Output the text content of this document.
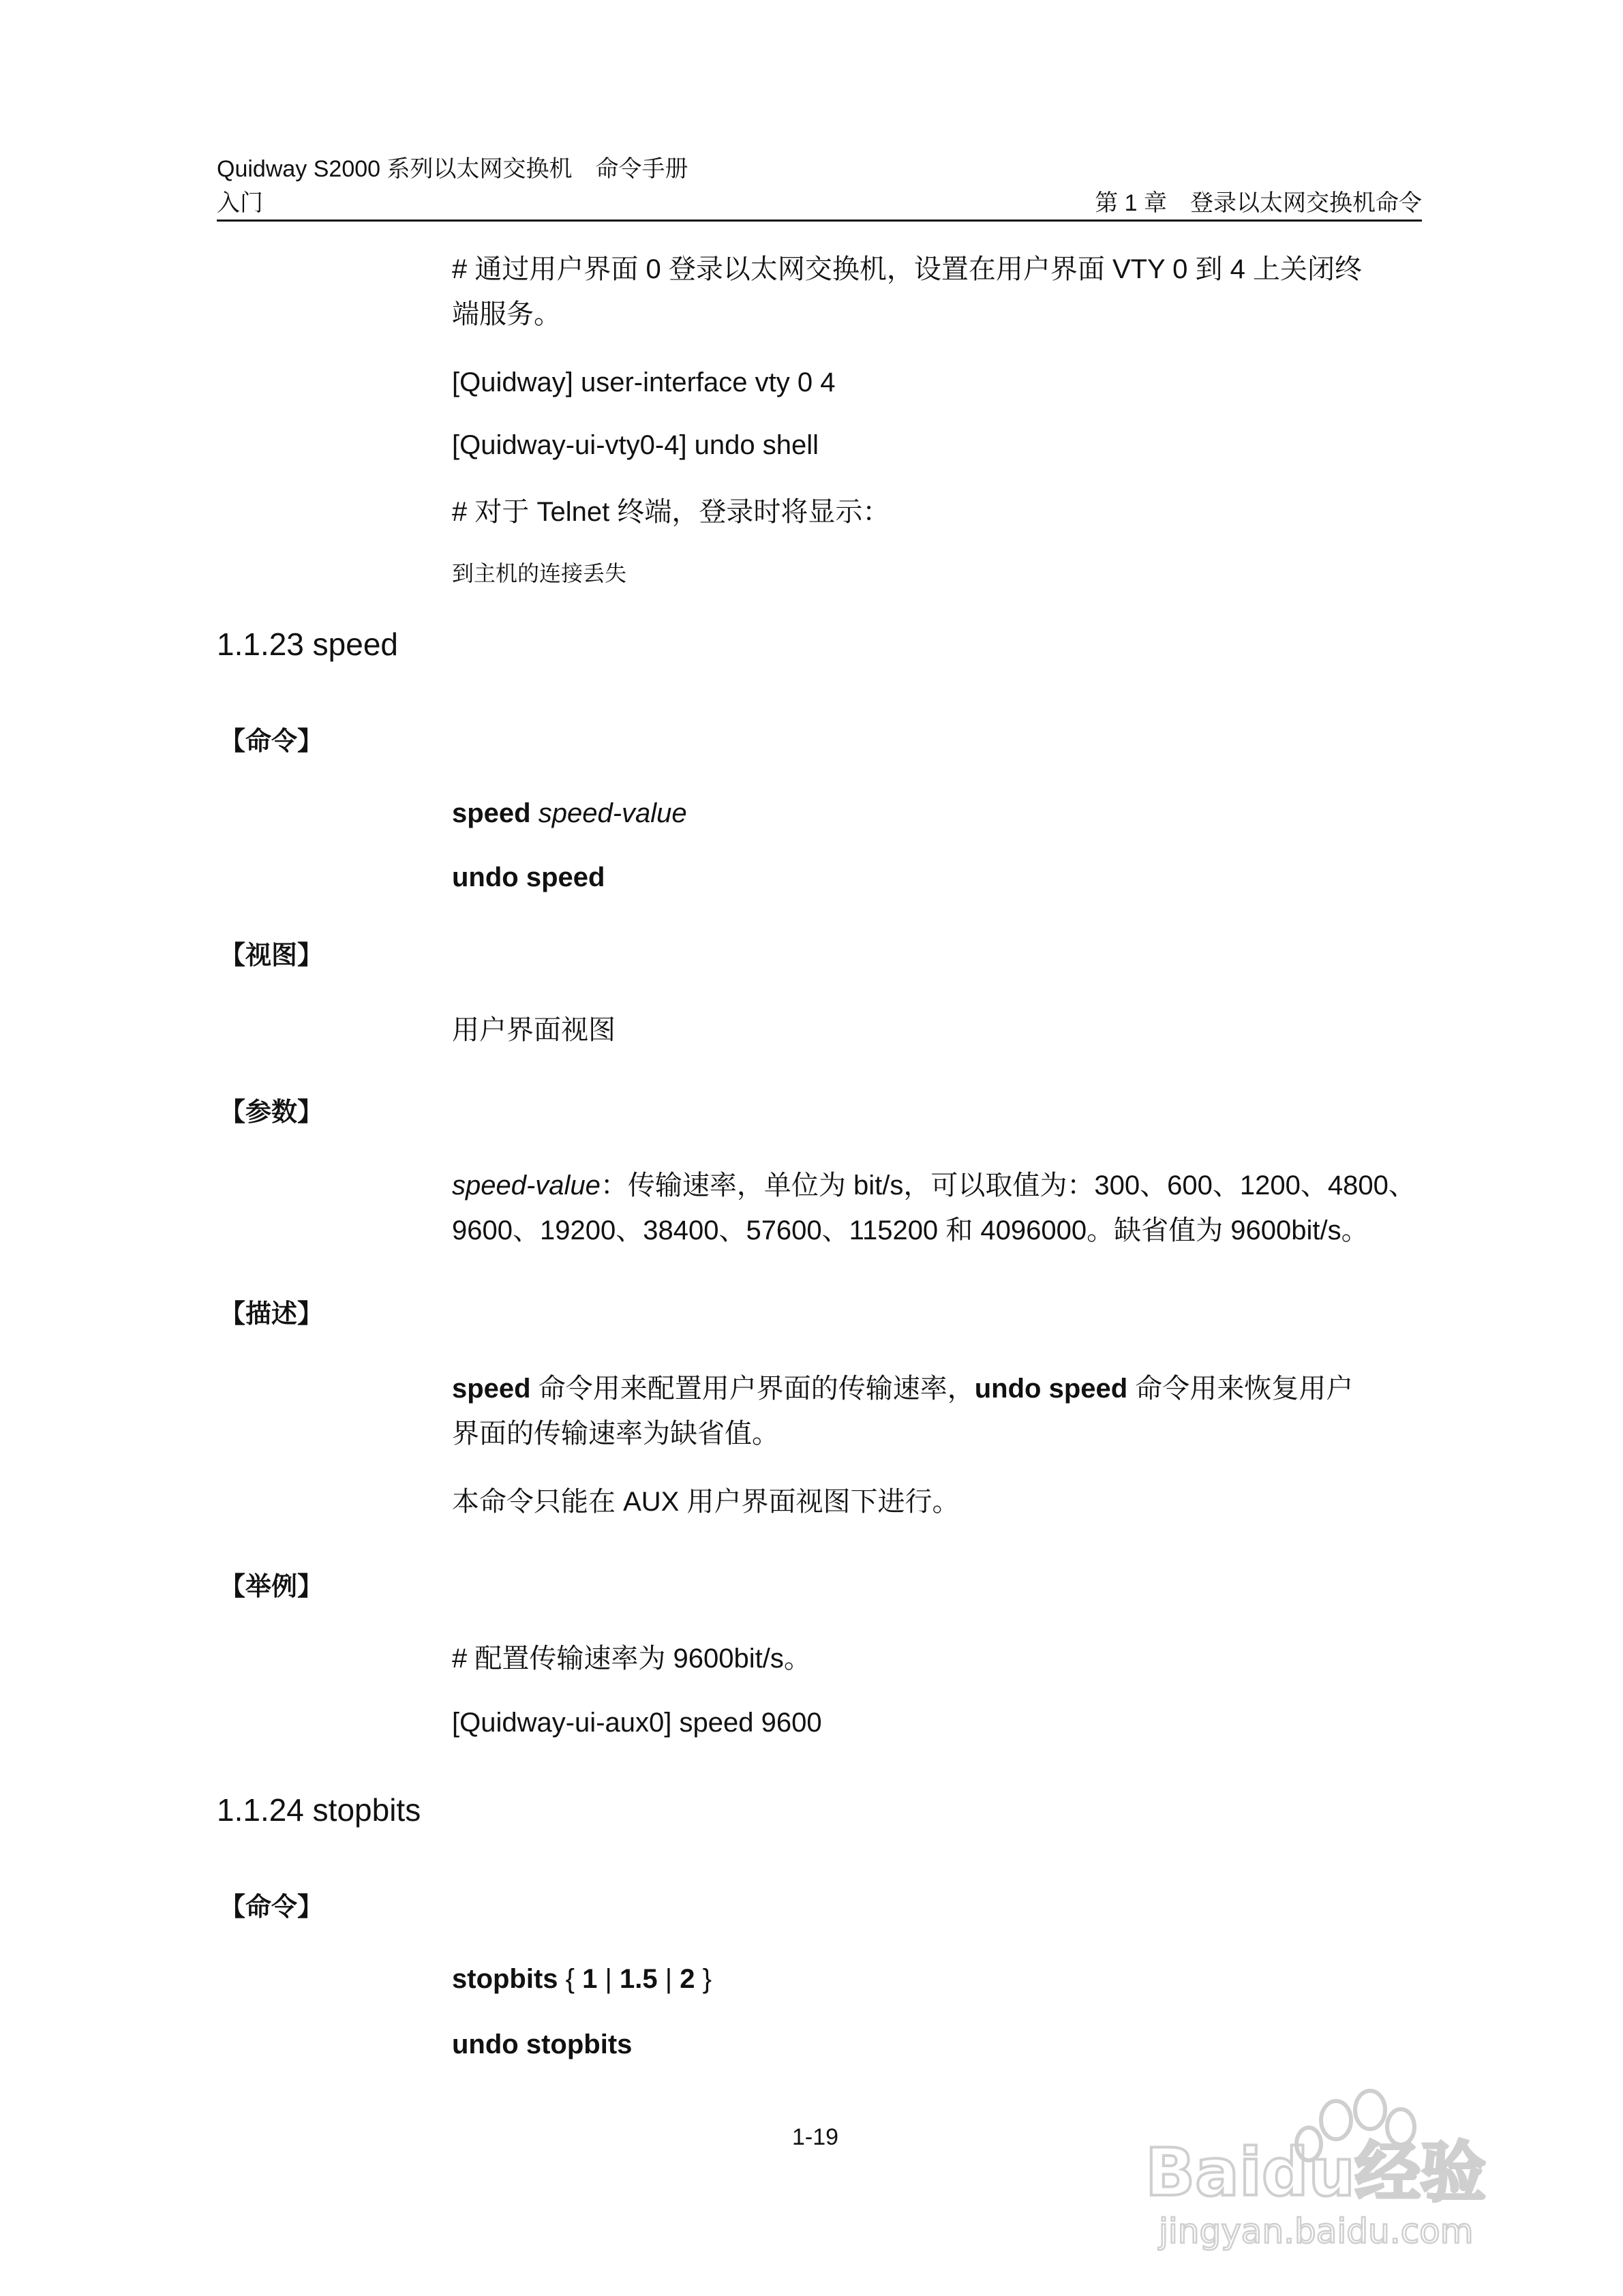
Quidway S2000 系列以太网交换机　命令手册
入门	第 1 章　登录以太网交换机命令
# 通过用户界面 0 登录以太网交换机，设置在用户界面 VTY 0 到 4 上关闭终
端服务。
[Quidway] user-interface vty 0 4
[Quidway-ui-vty0-4] undo shell
# 对于 Telnet 终端，登录时将显示：
到主机的连接丢失
1.1.23 speed
【命令】
speed speed-value
undo speed
【视图】
用户界面视图
【参数】
speed-value：传输速率，单位为 bit/s，可以取值为：300、600、1200、4800、
9600、19200、38400、57600、115200 和 4096000。缺省值为 9600bit/s。
【描述】
speed 命令用来配置用户界面的传输速率，undo speed 命令用来恢复用户
界面的传输速率为缺省值。
本命令只能在 AUX 用户界面视图下进行。
【举例】
# 配置传输速率为 9600bit/s。
[Quidway-ui-aux0] speed 9600
1.1.24 stopbits
【命令】
stopbits { 1 | 1.5 | 2 }
undo stopbits
1-19	Baidu经验
jingyan.baidu.com
